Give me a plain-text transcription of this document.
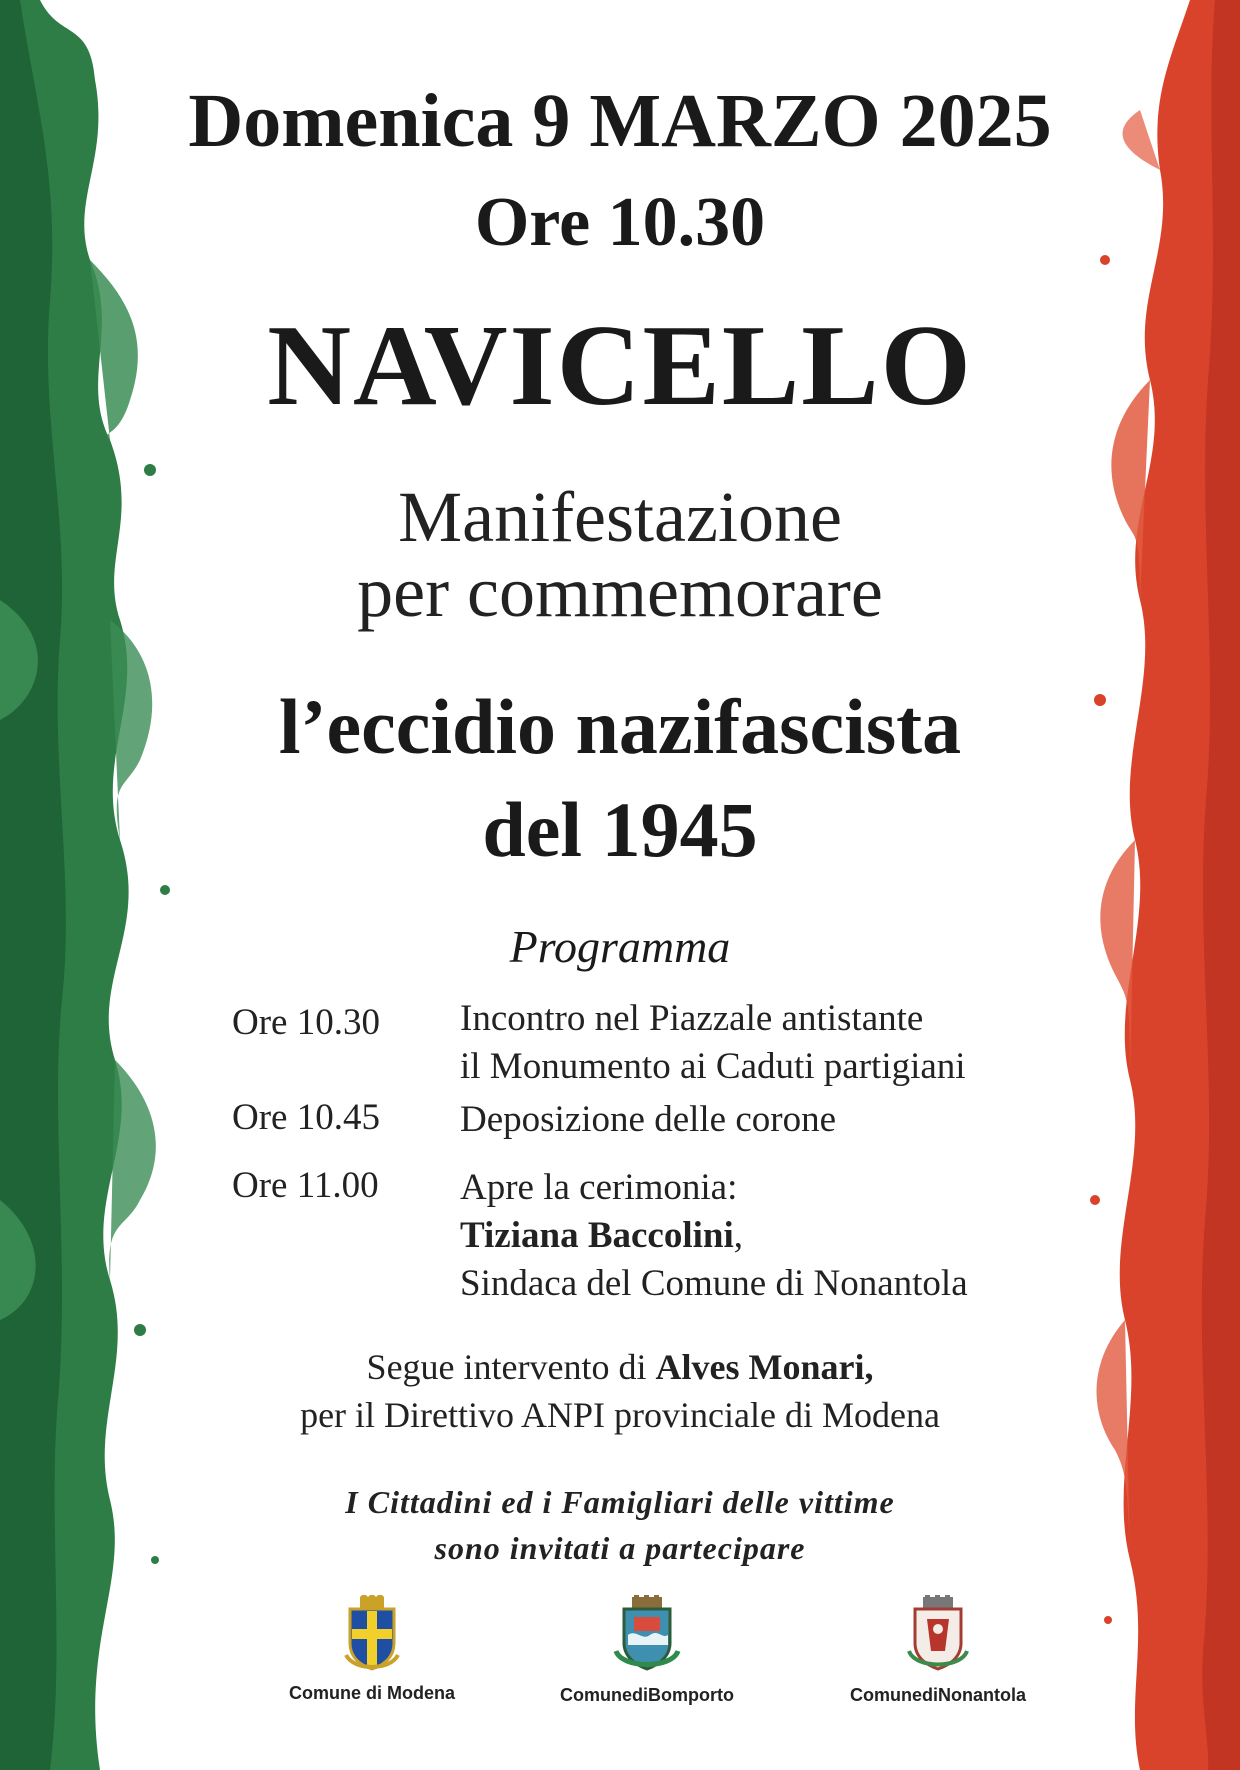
Domenica 9 MARZO 2025
Ore 10.30
NAVICELLO
Manifestazione
per commemorare
l’eccidio nazifascista
del 1945
Programma
Ore 10.30 Incontro nel Piazzale antistante
il Monumento ai Caduti partigiani
Ore 10.45 Deposizione delle corone
Ore 11.00 Apre la cerimonia:
Tiziana Baccolini,
Sindaca del Comune di Nonantola
Segue intervento di Alves Monari,
per il Direttivo ANPI provinciale di Modena
I Cittadini ed i Famigliari delle vittime
sono invitati a partecipare
Comune di Modena	ComunediBomporto	ComunediNonantola
